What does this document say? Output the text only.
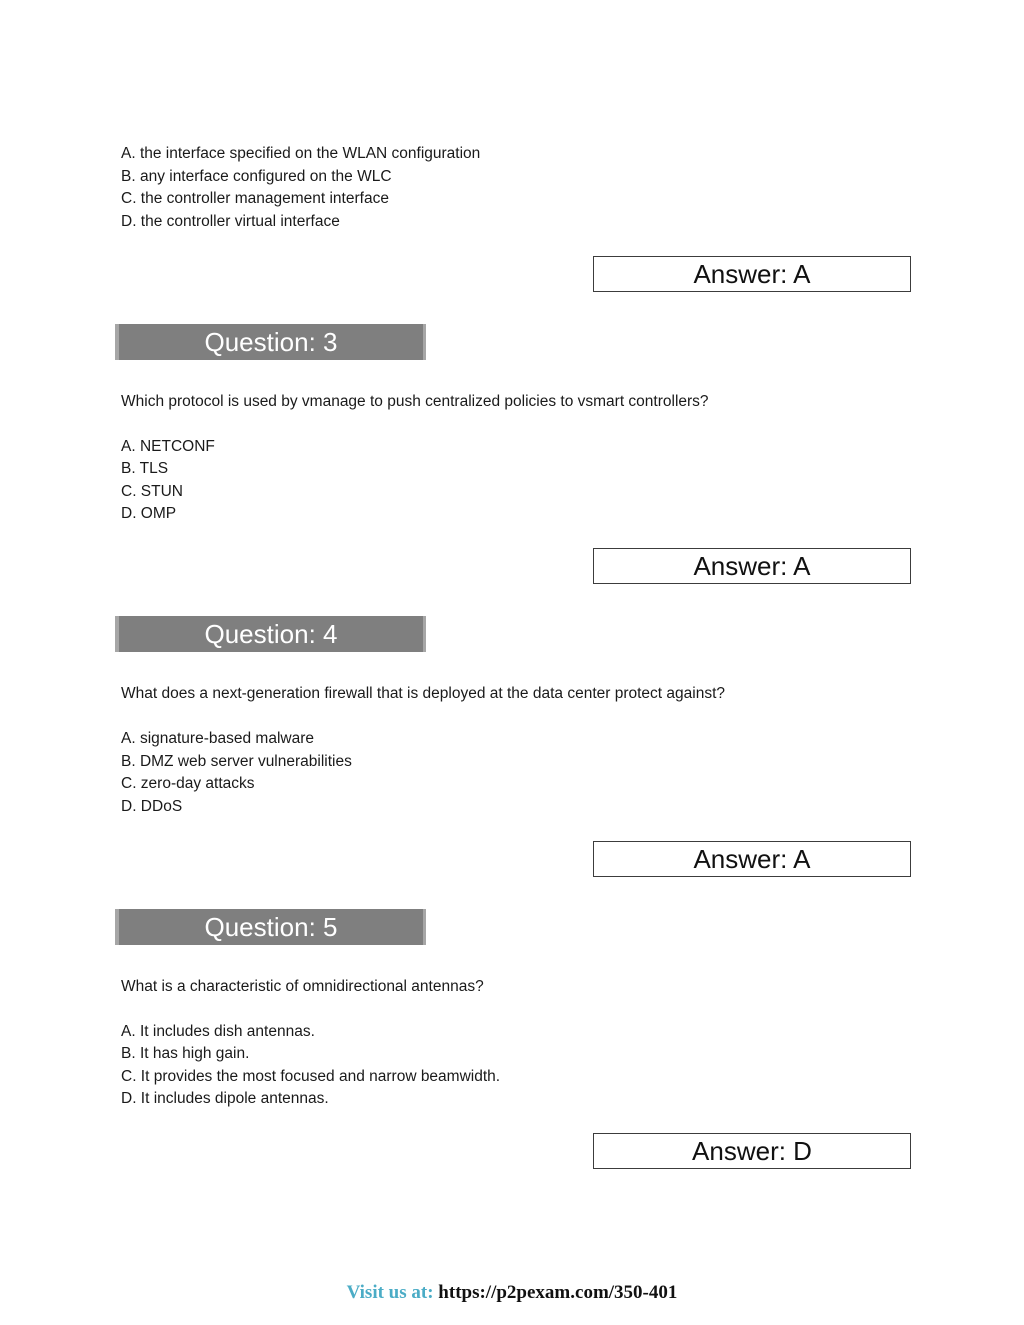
A. the interface specified on the WLAN configuration
B. any interface configured on the WLC
C. the controller management interface
D. the controller virtual interface
Answer: A
Question: 3
Which protocol is used by vmanage to push centralized policies to vsmart controllers?
A. NETCONF
B. TLS
C. STUN
D. OMP
Answer: A
Question: 4
What does a next-generation firewall that is deployed at the data center protect against?
A. signature-based malware
B. DMZ web server vulnerabilities
C. zero-day attacks
D. DDoS
Answer: A
Question: 5
What is a characteristic of omnidirectional antennas?
A. It includes dish antennas.
B. It has high gain.
C. It provides the most focused and narrow beamwidth.
D. It includes dipole antennas.
Answer: D
Visit us at: https://p2pexam.com/350-401
